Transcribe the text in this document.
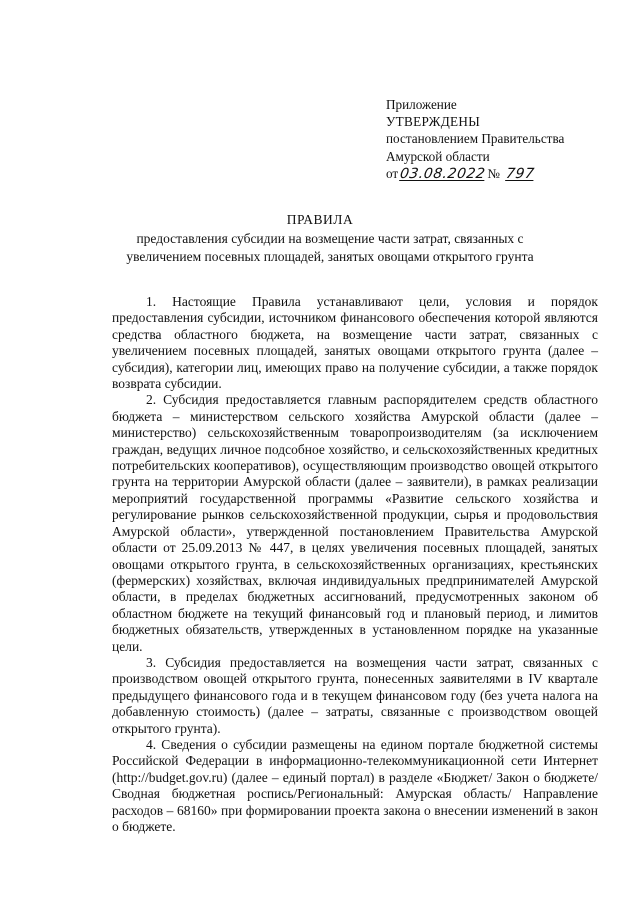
Приложение
УТВЕРЖДЕНЫ
постановлением Правительства
Амурской области
от 03.08.2022 № 797
ПРАВИЛА
предоставления субсидии на возмещение части затрат, связанных с увеличением посевных площадей, занятых овощами открытого грунта

1. Настоящие Правила устанавливают цели, условия и порядок предоставления субсидии, источником финансового обеспечения которой являются средства областного бюджета, на возмещение части затрат, связанных с увеличением посевных площадей, занятых овощами открытого грунта (далее – субсидия), категории лиц, имеющих право на получение субсидии, а также порядок возврата субсидии.

2. Субсидия предоставляется главным распорядителем средств областного бюджета – министерством сельского хозяйства Амурской области (далее – министерство) сельскохозяйственным товаропроизводителям (за исключением граждан, ведущих личное подсобное хозяйство, и сельскохозяйственных кредитных потребительских кооперативов), осуществляющим производство овощей открытого грунта на территории Амурской области (далее – заявители), в рамках реализации мероприятий государственной программы «Развитие сельского хозяйства и регулирование рынков сельскохозяйственной продукции, сырья и продовольствия Амурской области», утвержденной постановлением Правительства Амурской области от 25.09.2013 № 447, в целях увеличения посевных площадей, занятых овощами открытого грунта, в сельскохозяйственных организациях, крестьянских (фермерских) хозяйствах, включая индивидуальных предпринимателей Амурской области, в пределах бюджетных ассигнований, предусмотренных законом об областном бюджете на текущий финансовый год и плановый период, и лимитов бюджетных обязательств, утвержденных в установленном порядке на указанные цели.

3. Субсидия предоставляется на возмещения части затрат, связанных с производством овощей открытого грунта, понесенных заявителями в IV квартале предыдущего финансового года и в текущем финансовом году (без учета налога на добавленную стоимость) (далее – затраты, связанные с производством овощей открытого грунта).

4. Сведения о субсидии размещены на едином портале бюджетной системы Российской Федерации в информационно-телекоммуникационной сети Интернет (http://budget.gov.ru) (далее – единый портал) в разделе «Бюджет/ Закон о бюджете/Сводная бюджетная роспись/Региональный: Амурская область/ Направление расходов – 68160» при формировании проекта закона о внесении изменений в закон о бюджете.
